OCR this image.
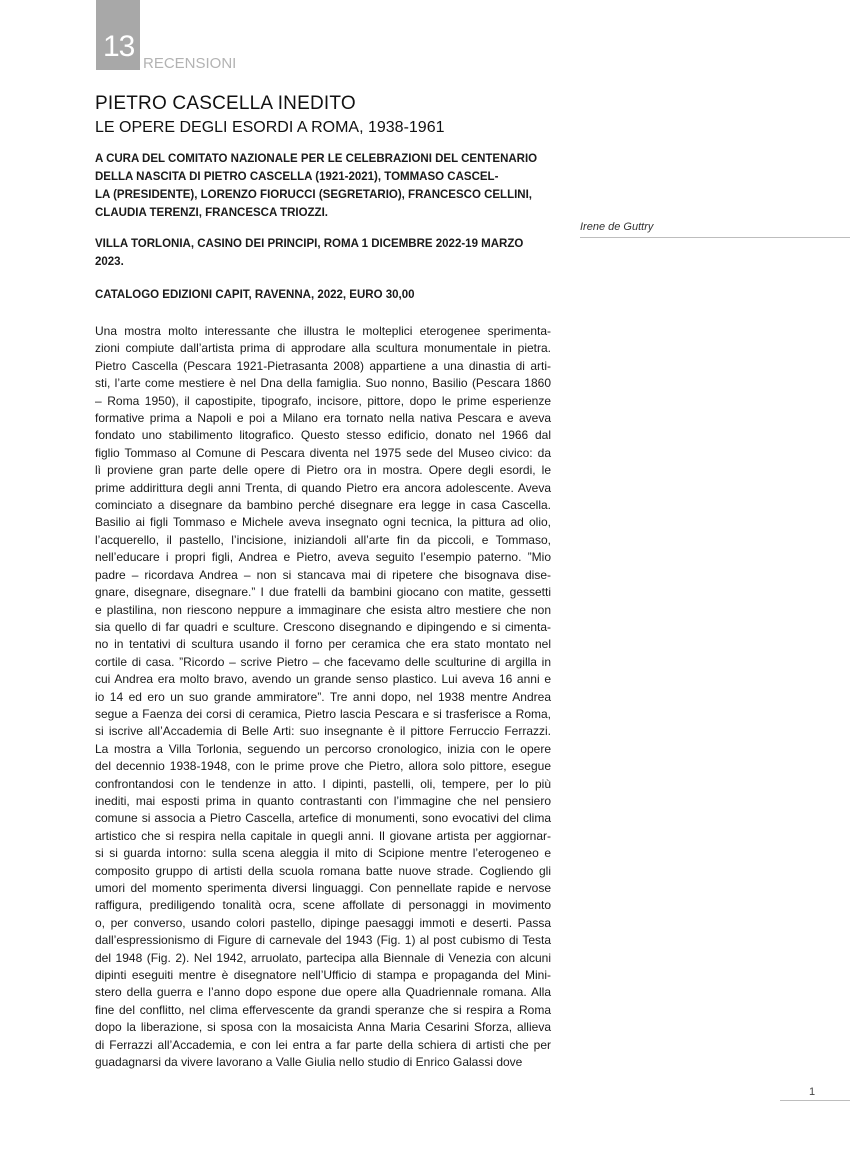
13
RECENSIONI
PIETRO CASCELLA INEDITO
LE OPERE DEGLI ESORDI A ROMA, 1938-1961
A CURA DEL COMITATO NAZIONALE PER LE CELEBRAZIONI DEL CENTENARIO
DELLA NASCITA DI PIETRO CASCELLA (1921-2021), TOMMASO CASCEL-
LA (PRESIDENTE), LORENZO FIORUCCI (SEGRETARIO), FRANCESCO CELLINI,
CLAUDIA TERENZI, FRANCESCA TRIOZZI.
VILLA TORLONIA, CASINO DEI PRINCIPI, ROMA 1 DICEMBRE 2022-19 MARZO
2023.
CATALOGO EDIZIONI CAPIT, RAVENNA, 2022, EURO 30,00
Irene de Guttry
Una mostra molto interessante che illustra le molteplici eterogenee sperimenta-
zioni compiute dall’artista prima di approdare alla scultura monumentale in pietra.
Pietro Cascella (Pescara 1921-Pietrasanta 2008) appartiene a una dinastia di arti-
sti, l’arte come mestiere è nel Dna della famiglia. Suo nonno, Basilio (Pescara 1860
– Roma 1950), il capostipite, tipografo, incisore, pittore, dopo le prime esperienze
formative prima a Napoli e poi a Milano era tornato nella nativa Pescara e aveva
fondato uno stabilimento litografico. Questo stesso edificio, donato nel 1966 dal
figlio Tommaso al Comune di Pescara diventa nel 1975 sede del Museo civico: da
lì proviene gran parte delle opere di Pietro ora in mostra. Opere degli esordi, le
prime addirittura degli anni Trenta, di quando Pietro era ancora adolescente. Aveva
cominciato a disegnare da bambino perché disegnare era legge in casa Cascella.
Basilio ai figli Tommaso e Michele aveva insegnato ogni tecnica, la pittura ad olio,
l’acquerello, il pastello, l’incisione, iniziandoli all’arte fin da piccoli, e Tommaso,
nell’educare i propri figli, Andrea e Pietro, aveva seguito l’esempio paterno. ”Mio
padre – ricordava Andrea – non si stancava mai di ripetere che bisognava dise-
gnare, disegnare, disegnare.” I due fratelli da bambini giocano con matite, gessetti
e plastilina, non riescono neppure a immaginare che esista altro mestiere che non
sia quello di far quadri e sculture. Crescono disegnando e dipingendo e si cimenta-
no in tentativi di scultura usando il forno per ceramica che era stato montato nel
cortile di casa. ”Ricordo – scrive Pietro – che facevamo delle sculturine di argilla in
cui Andrea era molto bravo, avendo un grande senso plastico. Lui aveva 16 anni e
io 14 ed ero un suo grande ammiratore”. Tre anni dopo, nel 1938 mentre Andrea
segue a Faenza dei corsi di ceramica, Pietro lascia Pescara e si trasferisce a Roma,
si iscrive all’Accademia di Belle Arti: suo insegnante è il pittore Ferruccio Ferrazzi.
La mostra a Villa Torlonia, seguendo un percorso cronologico, inizia con le opere
del decennio 1938-1948, con le prime prove che Pietro, allora solo pittore, esegue
confrontandosi con le tendenze in atto. I dipinti, pastelli, oli, tempere, per lo più
inediti, mai esposti prima in quanto contrastanti con l’immagine che nel pensiero
comune si associa a Pietro Cascella, artefice di monumenti, sono evocativi del clima
artistico che si respira nella capitale in quegli anni. Il giovane artista per aggiornar-
si si guarda intorno: sulla scena aleggia il mito di Scipione mentre l’eterogeneo e
composito gruppo di artisti della scuola romana batte nuove strade. Cogliendo gli
umori del momento sperimenta diversi linguaggi. Con pennellate rapide e nervose
raffigura, prediligendo tonalità ocra, scene affollate di personaggi in movimento
o, per converso, usando colori pastello, dipinge paesaggi immoti e deserti. Passa
dall’espressionismo di Figure di carnevale del 1943 (Fig. 1) al post cubismo di Testa
del 1948 (Fig. 2). Nel 1942, arruolato, partecipa alla Biennale di Venezia con alcuni
dipinti eseguiti mentre è disegnatore nell’Ufficio di stampa e propaganda del Mini-
stero della guerra e l’anno dopo espone due opere alla Quadriennale romana. Alla
fine del conflitto, nel clima effervescente da grandi speranze che si respira a Roma
dopo la liberazione, si sposa con la mosaicista Anna Maria Cesarini Sforza, allieva
di Ferrazzi all’Accademia, e con lei entra a far parte della schiera di artisti che per
guadagnarsi da vivere lavorano a Valle Giulia nello studio di Enrico Galassi dove
1
